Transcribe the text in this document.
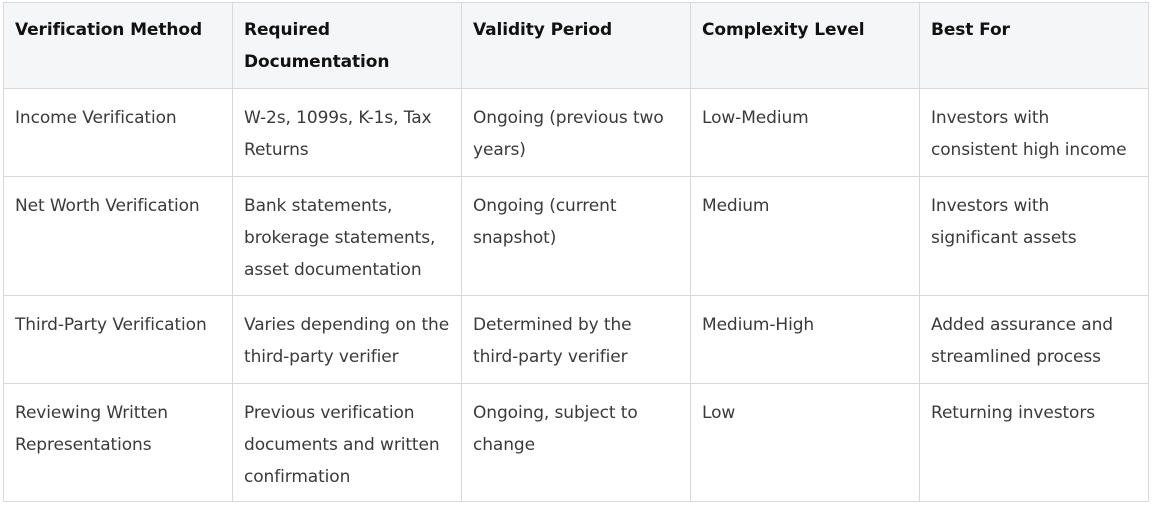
Verification Method	Required Documentation	Validity Period	Complexity Level	Best For
Income Verification	W-2s, 1099s, K-1s, Tax Returns	Ongoing (previous two years)	Low-Medium	Investors with consistent high income
Net Worth Verification	Bank statements, brokerage statements, asset documentation	Ongoing (current snapshot)	Medium	Investors with significant assets
Third-Party Verification	Varies depending on the third-party verifier	Determined by the third-party verifier	Medium-High	Added assurance and streamlined process
Reviewing Written Representations	Previous verification documents and written confirmation	Ongoing, subject to change	Low	Returning investors
